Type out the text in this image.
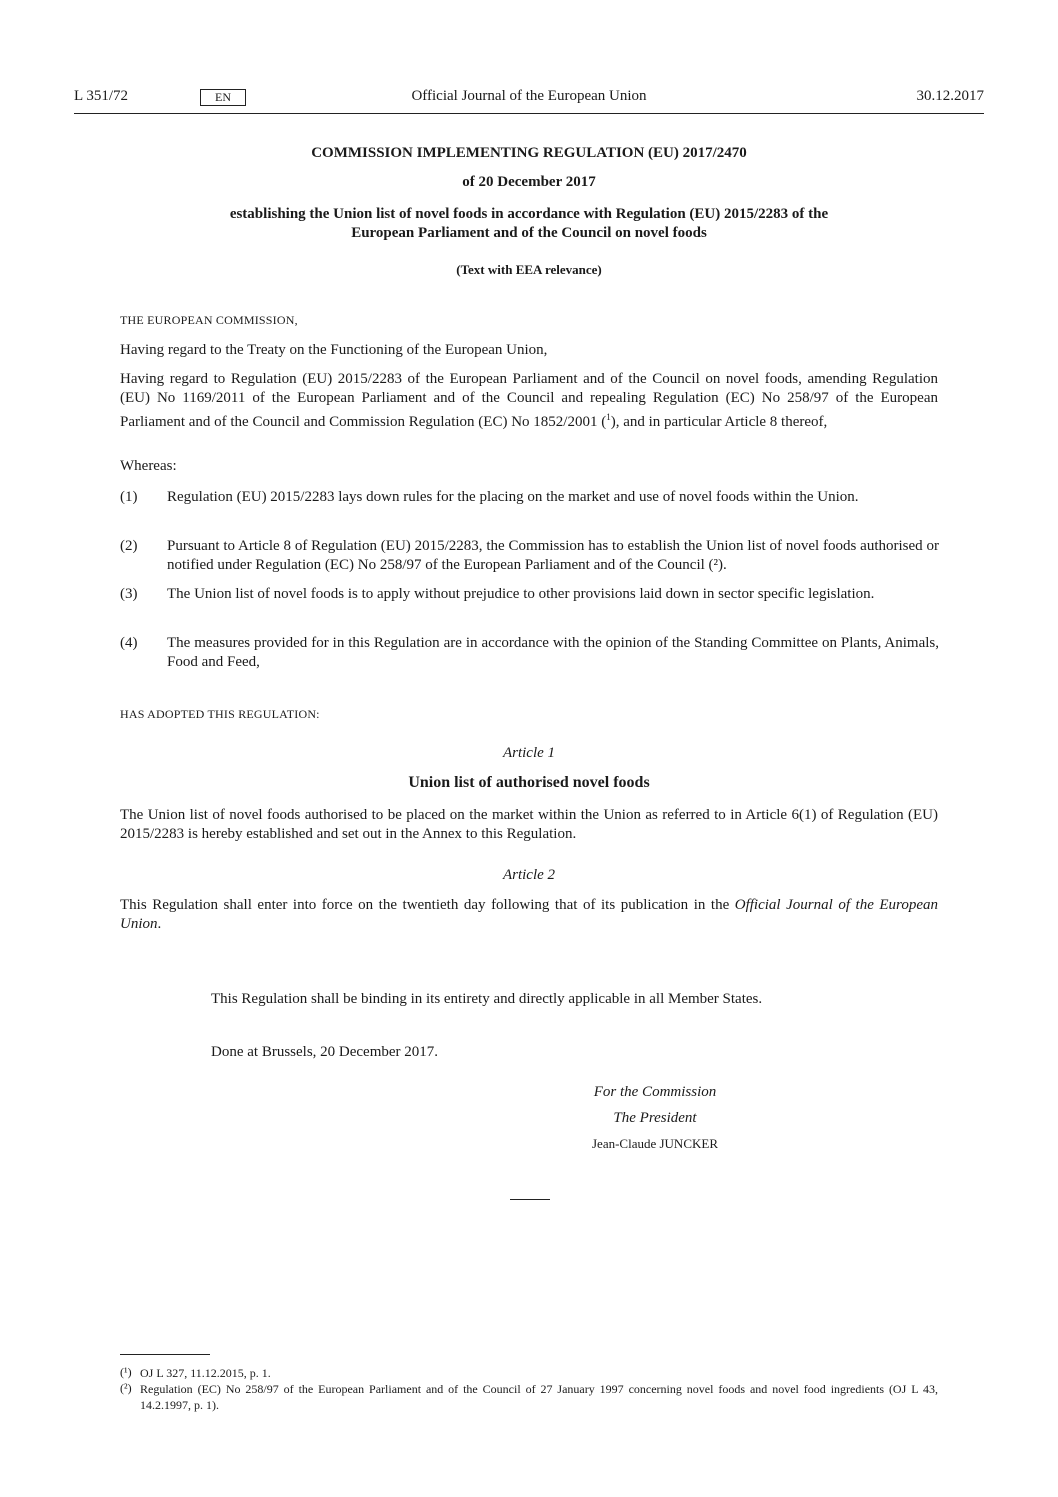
L 351/72	EN	Official Journal of the European Union	30.12.2017
COMMISSION IMPLEMENTING REGULATION (EU) 2017/2470
of 20 December 2017
establishing the Union list of novel foods in accordance with Regulation (EU) 2015/2283 of the
European Parliament and of the Council on novel foods
(Text with EEA relevance)
THE EUROPEAN COMMISSION,
Having regard to the Treaty on the Functioning of the European Union,
Having regard to Regulation (EU) 2015/2283 of the European Parliament and of the Council on novel foods, amending Regulation (EU) No 1169/2011 of the European Parliament and of the Council and repealing Regulation (EC) No 258/97 of the European Parliament and of the Council and Commission Regulation (EC) No 1852/2001 ($^1$), and in particular Article 8 thereof,
Whereas:
(1) Regulation (EU) 2015/2283 lays down rules for the placing on the market and use of novel foods within the Union.
(2) Pursuant to Article 8 of Regulation (EU) 2015/2283, the Commission has to establish the Union list of novel foods authorised or notified under Regulation (EC) No 258/97 of the European Parliament and of the Council (²).
(3) The Union list of novel foods is to apply without prejudice to other provisions laid down in sector specific legislation.
(4) The measures provided for in this Regulation are in accordance with the opinion of the Standing Committee on Plants, Animals, Food and Feed,
HAS ADOPTED THIS REGULATION:
Article 1
Union list of authorised novel foods
The Union list of novel foods authorised to be placed on the market within the Union as referred to in Article 6(1) of Regulation (EU) 2015/2283 is hereby established and set out in the Annex to this Regulation.
Article 2
This Regulation shall enter into force on the twentieth day following that of its publication in the Official Journal of the European Union.
This Regulation shall be binding in its entirety and directly applicable in all Member States.
Done at Brussels, 20 December 2017.
For the Commission
The President
Jean-Claude JUNCKER
(¹) OJ L 327, 11.12.2015, p. 1.
(²) Regulation (EC) No 258/97 of the European Parliament and of the Council of 27 January 1997 concerning novel foods and novel food ingredients (OJ L 43, 14.2.1997, p. 1).
